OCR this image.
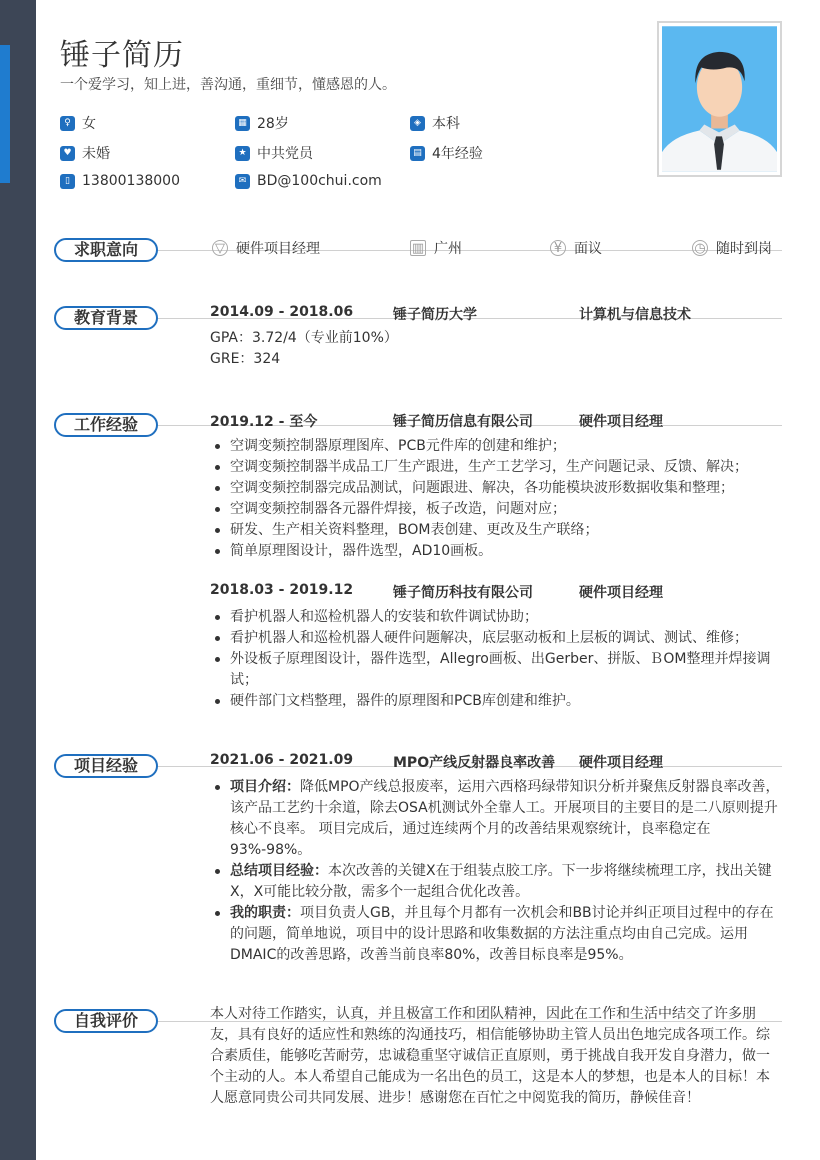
锤子简历
一个爱学习，知上进，善沟通，重细节，懂感恩的人。
♀ 女	▦ 28岁	◈ 本科
♥ 未婚	★ 中共党员	▤ 4年经验
▯ 13800138000	✉ BD@100chui.com
求职意向	▽ 硬件项目经理	▥ 广州	¥ 面议	◷ 随时到岗
教育背景	2014.09 - 2018.06	锤子简历大学	计算机与信息技术
GPA：3.72/4（专业前10%）
GRE：324
工作经验	2019.12 - 至今	锤子简历信息有限公司	硬件项目经理
空调变频控制器原理图库、PCB元件库的创建和维护；
空调变频控制器半成品工厂生产跟进，生产工艺学习，生产问题记录、反馈、解决；
空调变频控制器完成品测试，问题跟进、解决，各功能模块波形数据收集和整理；
空调变频控制器各元器件焊接，板子改造，问题对应；
研发、生产相关资料整理，BOM表创建、更改及生产联络；
简单原理图设计，器件选型，AD10画板。
2018.03 - 2019.12	锤子简历科技有限公司	硬件项目经理
看护机器人和巡检机器人的安装和软件调试协助；
看护机器人和巡检机器人硬件问题解决，底层驱动板和上层板的调试、测试、维修；
外设板子原理图设计，器件选型，Allegro画板、出Gerber、拼版、ＢOM整理并焊接调试；
硬件部门文档整理，器件的原理图和PCB库创建和维护。
项目经验	2021.06 - 2021.09	MPO产线反射器良率改善 硬件项目经理
项目介绍：降低MPO产线总报废率，运用六西格玛绿带知识分析并聚焦反射器良率改善，该产品工艺约十余道，除去OSA机测试外全靠人工。开展项目的主要目的是二八原则提升核心不良率。 项目完成后，通过连续两个月的改善结果观察统计，良率稳定在93%-98%。
总结项目经验：本次改善的关键X在于组装点胶工序。下一步将继续梳理工序，找出关键X，X可能比较分散，需多个一起组合优化改善。
我的职责：项目负责人GB，并且每个月都有一次机会和BB讨论并纠正项目过程中的存在的问题，简单地说，项目中的设计思路和收集数据的方法注重点均由自己完成。运用DMAIC的改善思路，改善当前良率80%，改善目标良率是95%。
自我评价	本人对待工作踏实，认真，并且极富工作和团队精神，因此在工作和生活中结交了许多朋友，具有良好的适应性和熟练的沟通技巧，相信能够协助主管人员出色地完成各项工作。综合素质佳，能够吃苦耐劳，忠诚稳重坚守诚信正直原则，勇于挑战自我开发自身潜力，做一个主动的人。本人希望自己能成为一名出色的员工，这是本人的梦想，也是本人的目标！本人愿意同贵公司共同发展、进步！感谢您在百忙之中阅览我的简历，静候佳音！
